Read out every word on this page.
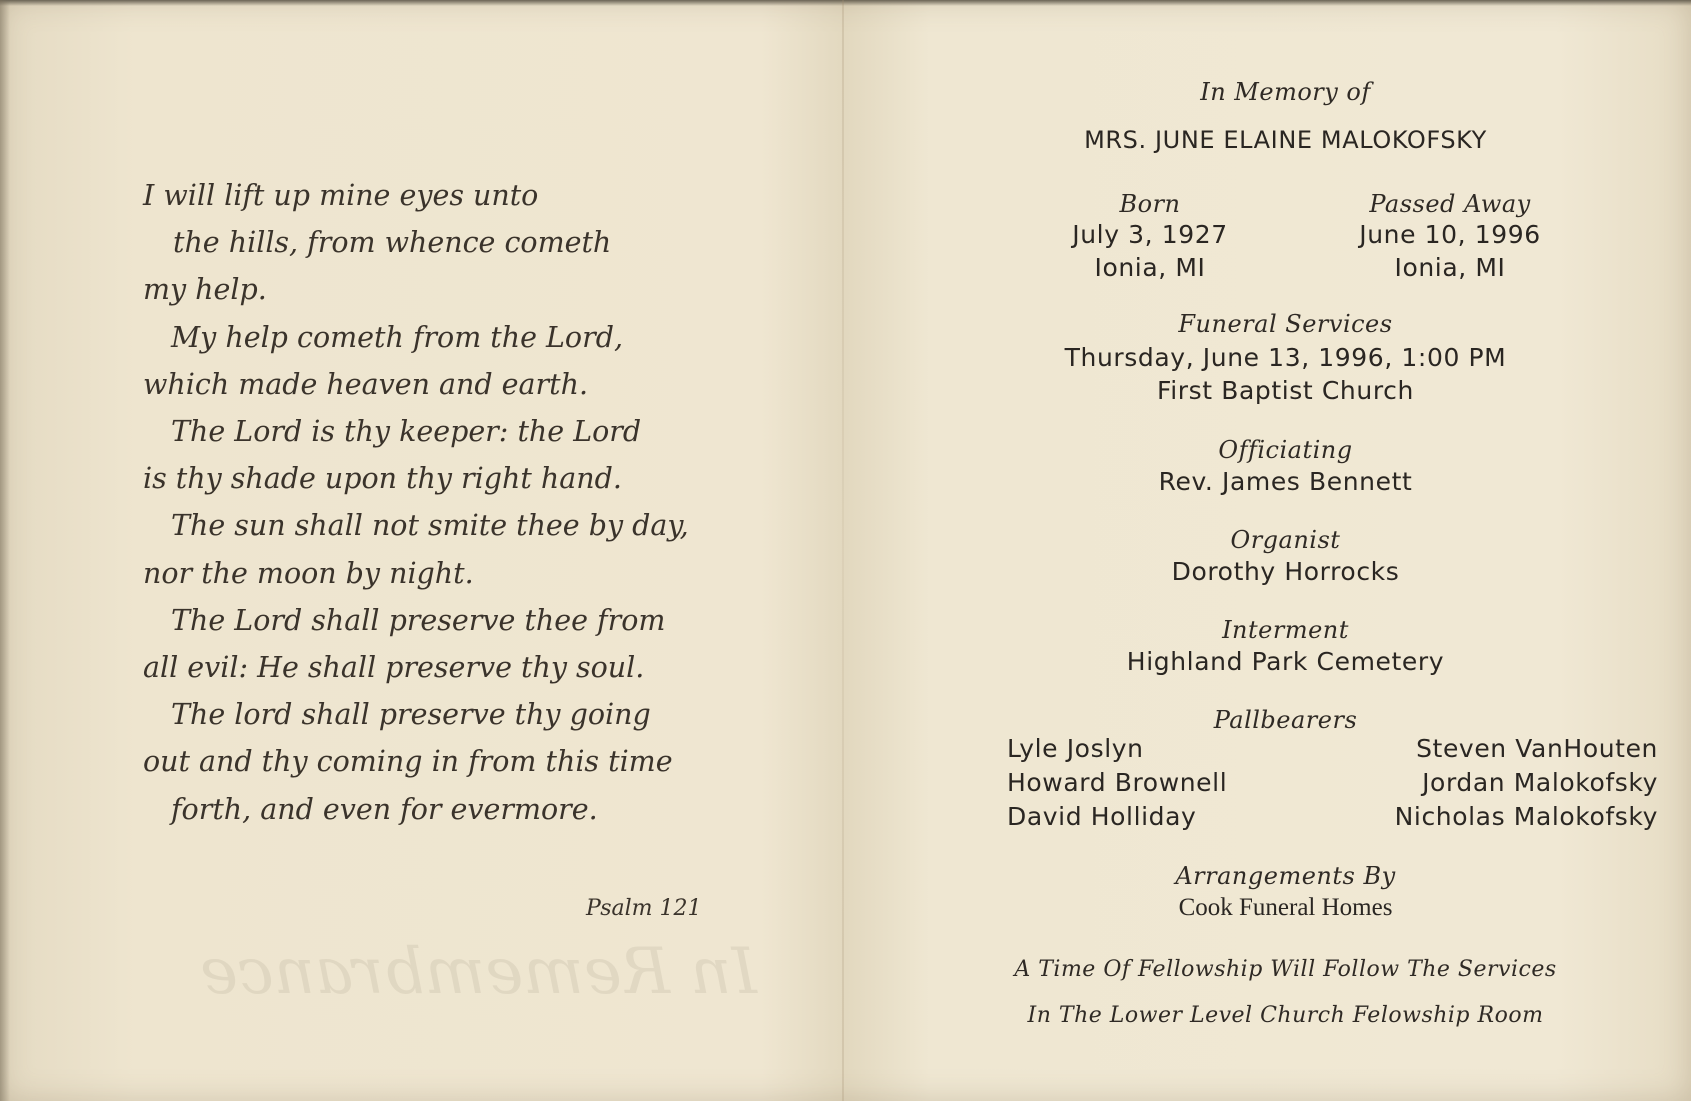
In Remembrance
I will lift up mine eyes unto
the hills, from whence cometh
my help.
My help cometh from the Lord,
which made heaven and earth.
The Lord is thy keeper: the Lord
is thy shade upon thy right hand.
The sun shall not smite thee by day,
nor the moon by night.
The Lord shall preserve thee from
all evil: He shall preserve thy soul.
The lord shall preserve thy going
out and thy coming in from this time
forth, and even for evermore.
Psalm 121
In Memory of
MRS. JUNE ELAINE MALOKOFSKY
Born
July 3, 1927
Ionia, MI
Passed Away
June 10, 1996
Ionia, MI
Funeral Services
Thursday, June 13, 1996, 1:00 PM
First Baptist Church
Officiating
Rev. James Bennett
Organist
Dorothy Horrocks
Interment
Highland Park Cemetery
Pallbearers
Lyle Joslyn
Howard Brownell
David Holliday
Steven VanHouten
Jordan Malokofsky
Nicholas Malokofsky
Arrangements By
Cook Funeral Homes
A Time Of Fellowship Will Follow The Services
In The Lower Level Church Felowship Room
